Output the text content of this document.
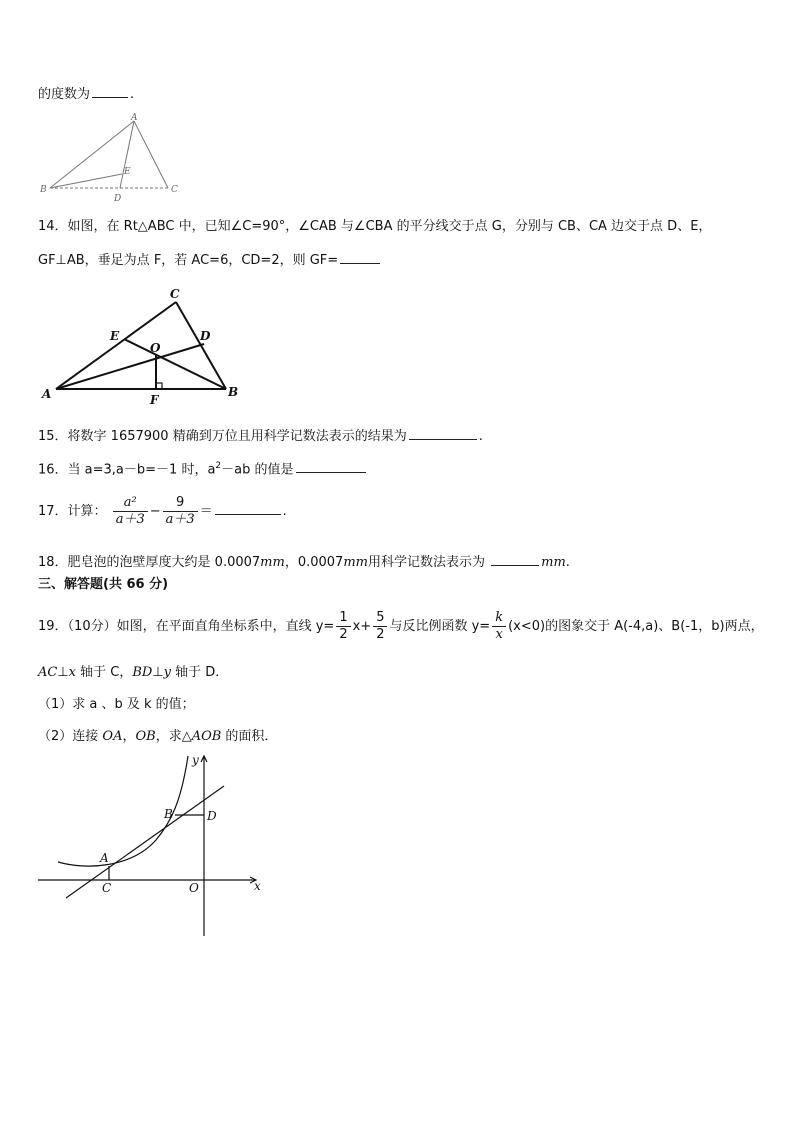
的度数为	.
A
B	C
D
E
14．如图，在 Rt△ABC 中，已知∠C=90°，∠CAB 与∠CBA 的平分线交于点 G，分别与 CB、CA 边交于点 D、E，
GF⊥AB，垂足为点 F，若 AC=6，CD=2，则 GF=
C
E	D
O
A	B
F
15．将数字 1657900 精确到万位且用科学记数法表示的结果为	.
16．当 a=3,a－b=－1 时，$a^2-ab$ 的值是
17．计算： $\frac{\text{a²}}{a+3} - \frac{9}{a+3}$ ＝	.
18．肥皂泡的泡壁厚度大约是 0.0007mm，0.0007mm用科学记数法表示为	mm.
三、解答题(共 66 分)
19．（10分）如图，在平面直角坐标系中，直线 $y= \frac{1}{2} x+ \frac{5}{2}$ 与反比例函数 $y= \frac{k}{x} (x<0)$的图象交于 A(-4,a)、B(-1，b)两点，
AC⊥x 轴于 C，BD⊥y 轴于 D．
（1）求 a 、b 及 k 的值；
（2）连接 OA，OB，求△AOB 的面积．
y
x
A
B
C
D
O
